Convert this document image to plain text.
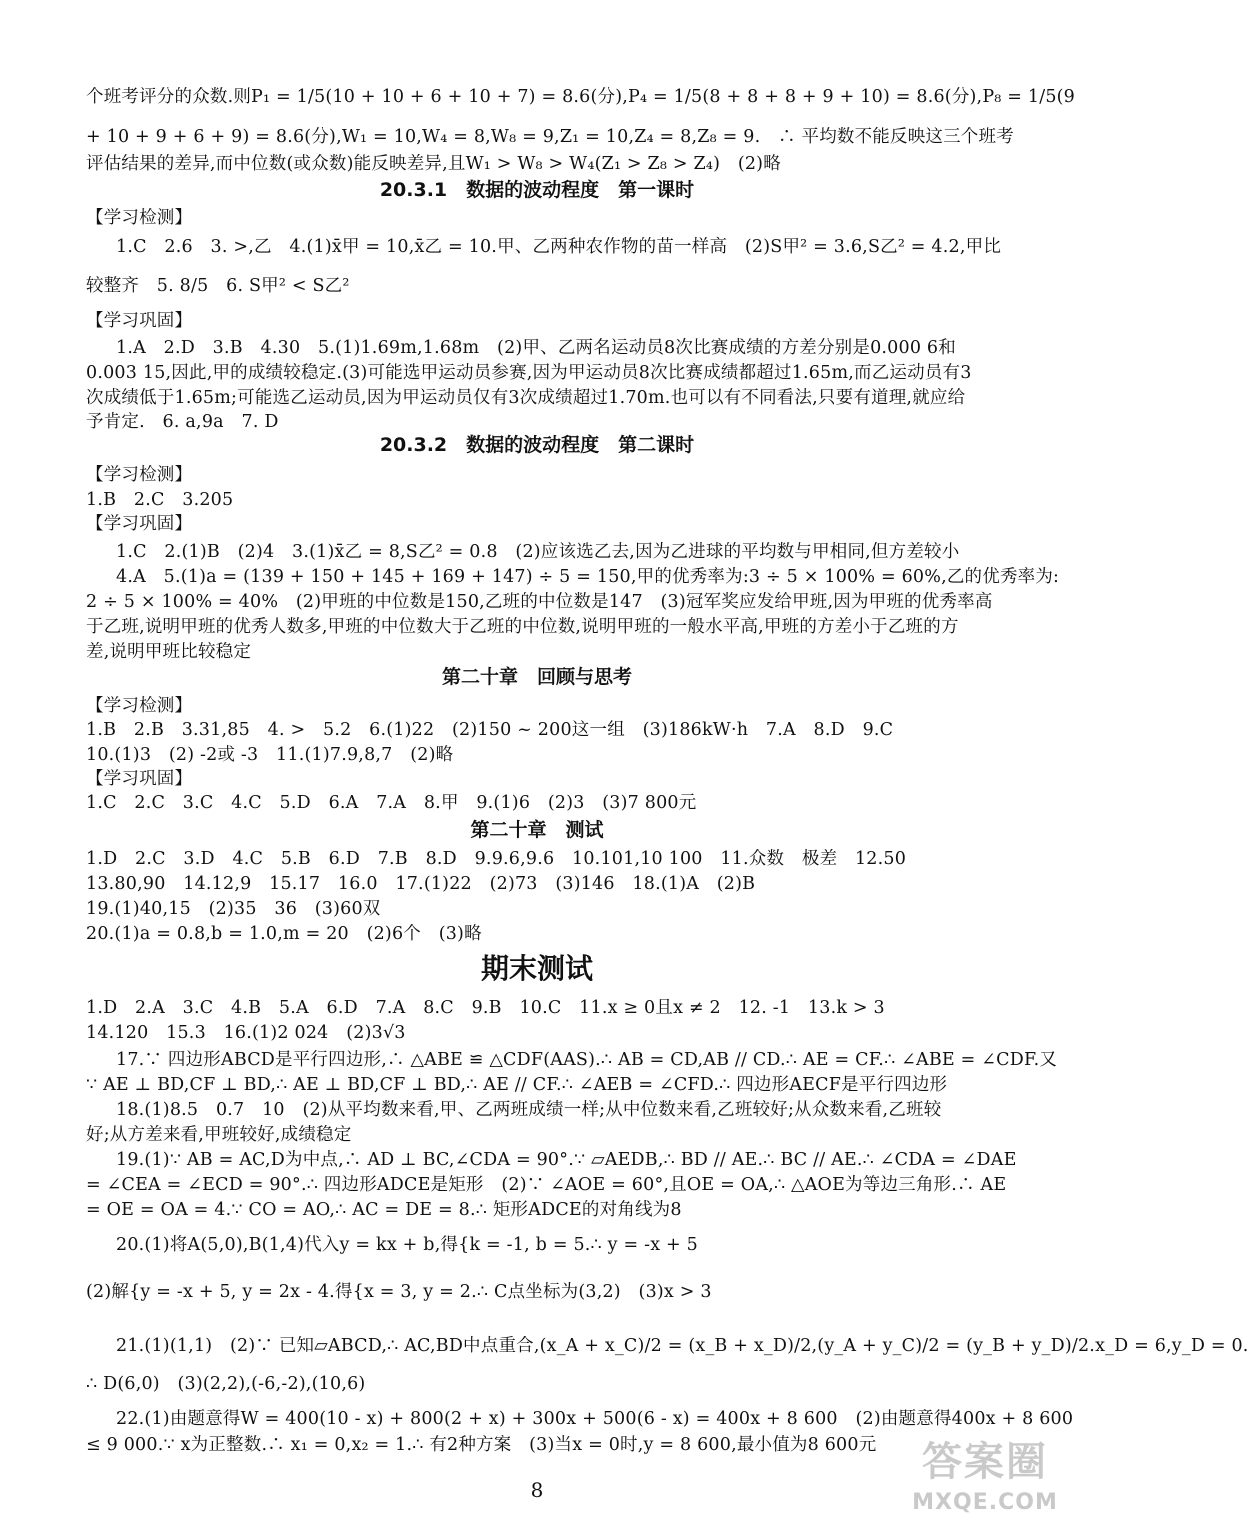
个班考评分的众数.则P₁ = 1/5(10 + 10 + 6 + 10 + 7) = 8.6(分),P₄ = 1/5(8 + 8 + 8 + 9 + 10) = 8.6(分),P₈ = 1/5(9
+ 10 + 9 + 6 + 9) = 8.6(分),W₁ = 10,W₄ = 8,W₈ = 9,Z₁ = 10,Z₄ = 8,Z₈ = 9.　∴ 平均数不能反映这三个班考
评估结果的差异,而中位数(或众数)能反映差异,且W₁ > W₈ > W₄(Z₁ > Z₈ > Z₄)　(2)略
20.3.1　数据的波动程度　第一课时
【学习检测】
1.C　2.6　3. >,乙　4.(1)x̄甲 = 10,x̄乙 = 10.甲、乙两种农作物的苗一样高　(2)S甲² = 3.6,S乙² = 4.2,甲比
较整齐　5. 8/5　6. S甲² < S乙²
【学习巩固】
1.A　2.D　3.B　4.30　5.(1)1.69m,1.68m　(2)甲、乙两名运动员8次比赛成绩的方差分别是0.000 6和
0.003 15,因此,甲的成绩较稳定.(3)可能选甲运动员参赛,因为甲运动员8次比赛成绩都超过1.65m,而乙运动员有3
次成绩低于1.65m;可能选乙运动员,因为甲运动员仅有3次成绩超过1.70m.也可以有不同看法,只要有道理,就应给
予肯定.　6. a,9a　7. D
20.3.2　数据的波动程度　第二课时
【学习检测】
1.B　2.C　3.205
【学习巩固】
1.C　2.(1)B　(2)4　3.(1)x̄乙 = 8,S乙² = 0.8　(2)应该选乙去,因为乙进球的平均数与甲相同,但方差较小
4.A　5.(1)a = (139 + 150 + 145 + 169 + 147) ÷ 5 = 150,甲的优秀率为:3 ÷ 5 × 100% = 60%,乙的优秀率为:
2 ÷ 5 × 100% = 40%　(2)甲班的中位数是150,乙班的中位数是147　(3)冠军奖应发给甲班,因为甲班的优秀率高
于乙班,说明甲班的优秀人数多,甲班的中位数大于乙班的中位数,说明甲班的一般水平高,甲班的方差小于乙班的方
差,说明甲班比较稳定
第二十章　回顾与思考
【学习检测】
1.B　2.B　3.31,85　4. >　5.2　6.(1)22　(2)150 ~ 200这一组　(3)186kW·h　7.A　8.D　9.C
10.(1)3　(2) -2或 -3　11.(1)7.9,8,7　(2)略
【学习巩固】
1.C　2.C　3.C　4.C　5.D　6.A　7.A　8.甲　9.(1)6　(2)3　(3)7 800元
第二十章　测试
1.D　2.C　3.D　4.C　5.B　6.D　7.B　8.D　9.9.6,9.6　10.101,10 100　11.众数　极差　12.50
13.80,90　14.12,9　15.17　16.0　17.(1)22　(2)73　(3)146　18.(1)A　(2)B
19.(1)40,15　(2)35　36　(3)60双
20.(1)a = 0.8,b = 1.0,m = 20　(2)6个　(3)略
期末测试
1.D　2.A　3.C　4.B　5.A　6.D　7.A　8.C　9.B　10.C　11.x ≥ 0且x ≠ 2　12. -1　13.k > 3
14.120　15.3　16.(1)2 024　(2)3√3
17.∵ 四边形ABCD是平行四边形,∴ △ABE ≌ △CDF(AAS).∴ AB = CD,AB // CD.∴ AE = CF.∴ ∠ABE = ∠CDF.又
∵ AE ⊥ BD,CF ⊥ BD,∴ AE ⊥ BD,CF ⊥ BD,∴ AE // CF.∴ ∠AEB = ∠CFD.∴ 四边形AECF是平行四边形
18.(1)8.5　0.7　10　(2)从平均数来看,甲、乙两班成绩一样;从中位数来看,乙班较好;从众数来看,乙班较
好;从方差来看,甲班较好,成绩稳定
19.(1)∵ AB = AC,D为中点,∴ AD ⊥ BC,∠CDA = 90°.∵ ▱AEDB,∴ BD // AE.∴ BC // AE.∴ ∠CDA = ∠DAE
= ∠CEA = ∠ECD = 90°.∴ 四边形ADCE是矩形　(2)∵ ∠AOE = 60°,且OE = OA,∴ △AOE为等边三角形.∴ AE
= OE = OA = 4.∵ CO = AO,∴ AC = DE = 8.∴ 矩形ADCE的对角线为8
20.(1)将A(5,0),B(1,4)代入y = kx + b,得{k = -1, b = 5.∴ y = -x + 5
(2)解{y = -x + 5, y = 2x - 4.得{x = 3, y = 2.∴ C点坐标为(3,2)　(3)x > 3
21.(1)(1,1)　(2)∵ 已知▱ABCD,∴ AC,BD中点重合,(x_A + x_C)/2 = (x_B + x_D)/2,(y_A + y_C)/2 = (y_B + y_D)/2.x_D = 6,y_D = 0.
∴ D(6,0)　(3)(2,2),(-6,-2),(10,6)
22.(1)由题意得W = 400(10 - x) + 800(2 + x) + 300x + 500(6 - x) = 400x + 8 600　(2)由题意得400x + 8 600
≤ 9 000.∵ x为正整数.∴ x₁ = 0,x₂ = 1.∴ 有2种方案　(3)当x = 0时,y = 8 600,最小值为8 600元
8
答案圈
MXQE.COM
